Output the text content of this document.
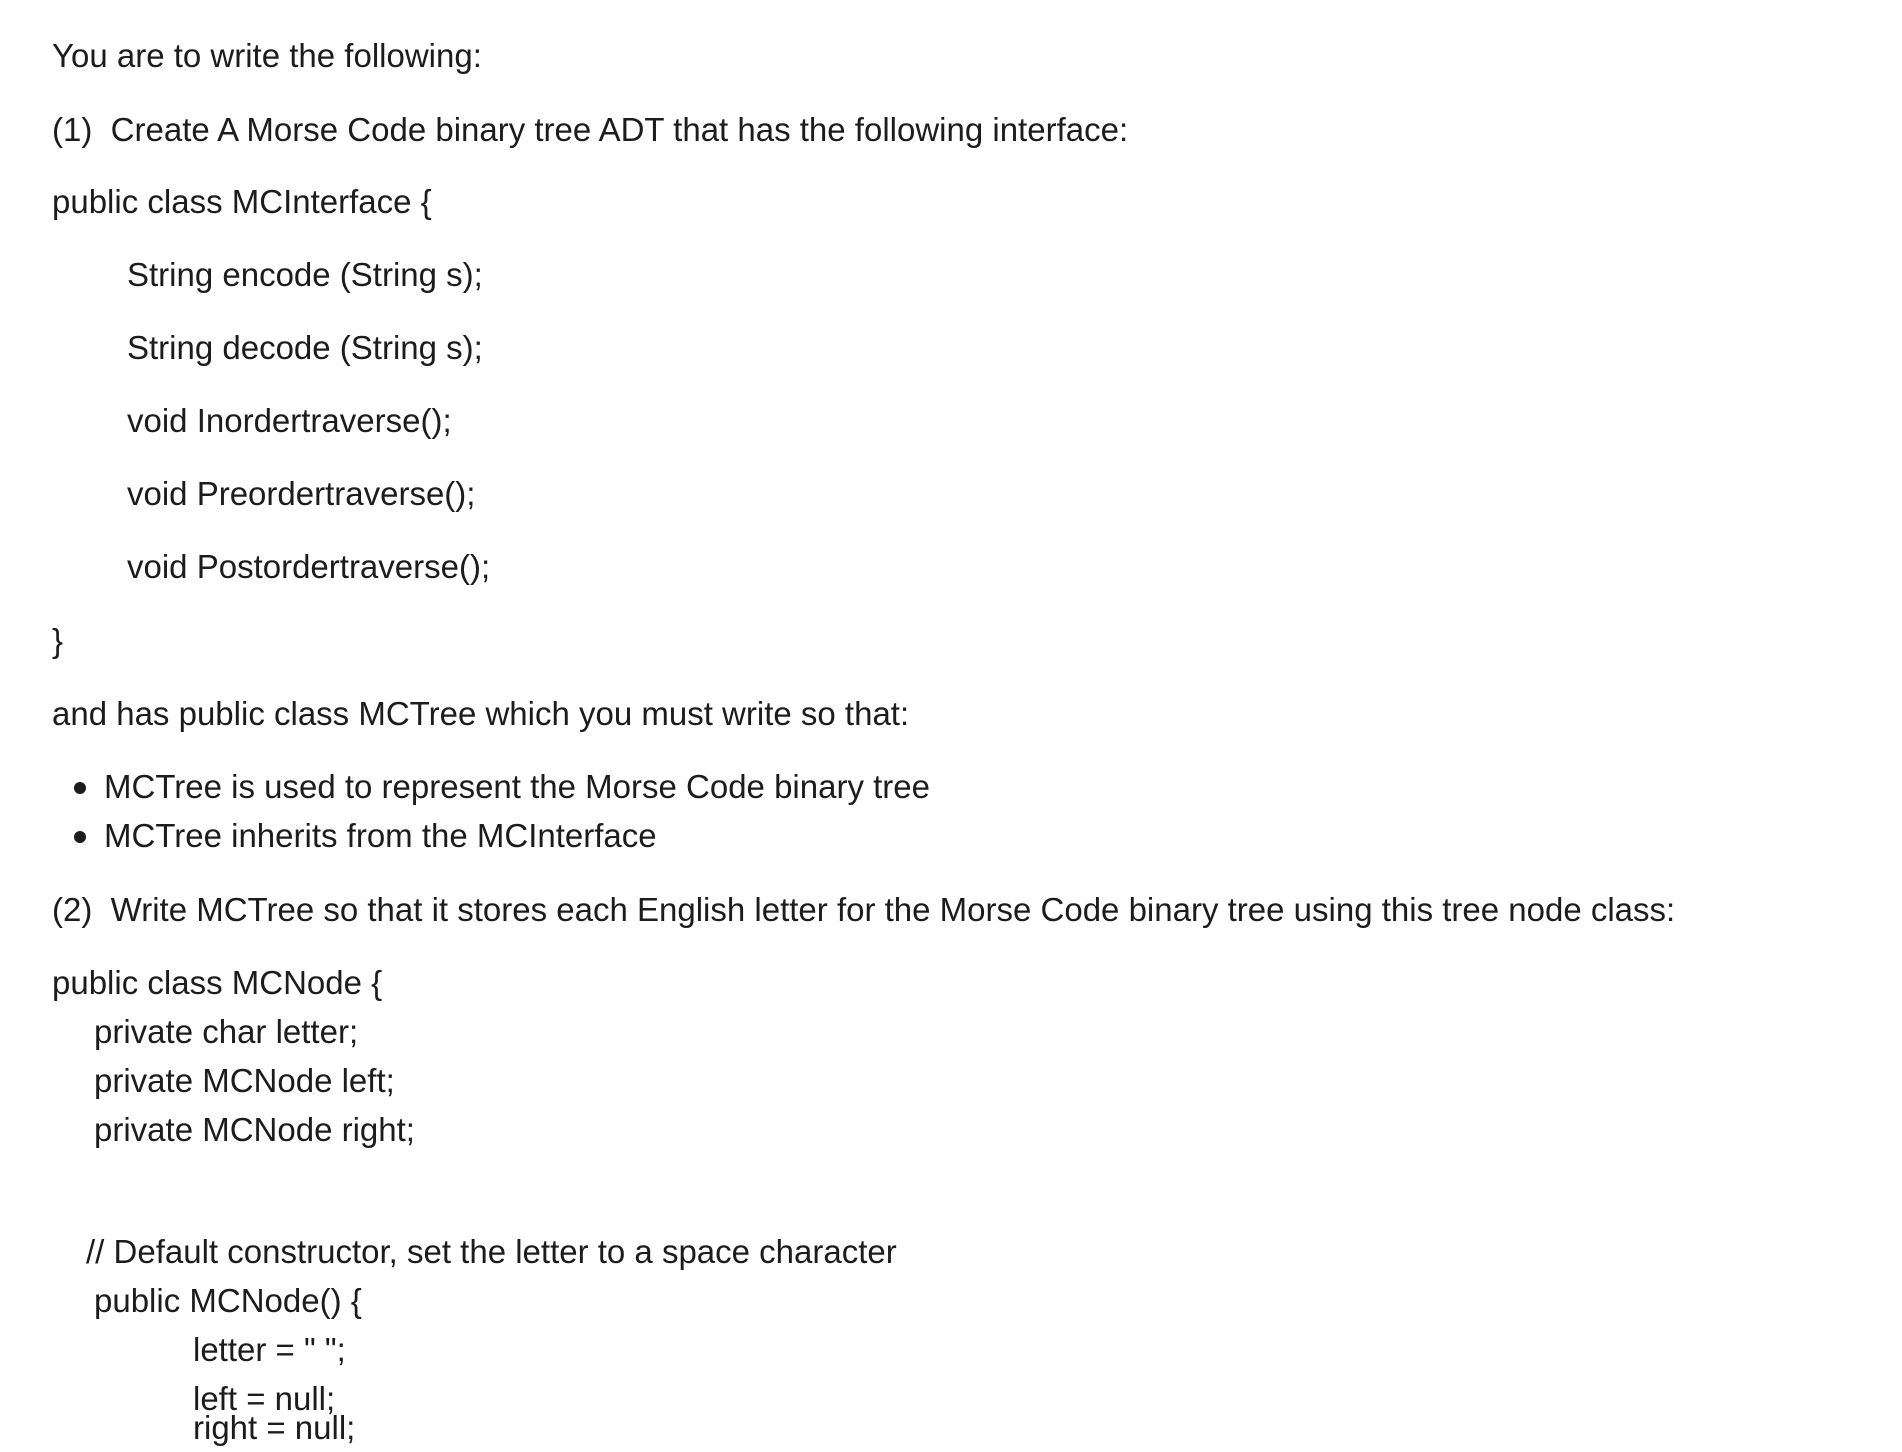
You are to write the following:
(1)  Create A Morse Code binary tree ADT that has the following interface:
public class MCInterface {
String encode (String s);
String decode (String s);
void Inordertraverse();
void Preordertraverse();
void Postordertraverse();
}
and has public class MCTree which you must write so that:
MCTree is used to represent the Morse Code binary tree
MCTree inherits from the MCInterface
(2)  Write MCTree so that it stores each English letter for the Morse Code binary tree using this tree node class:
public class MCNode {
private char letter;
private MCNode left;
private MCNode right;
// Default constructor, set the letter to a space character
public MCNode() {
letter = " ";
left = null;
right = null;
